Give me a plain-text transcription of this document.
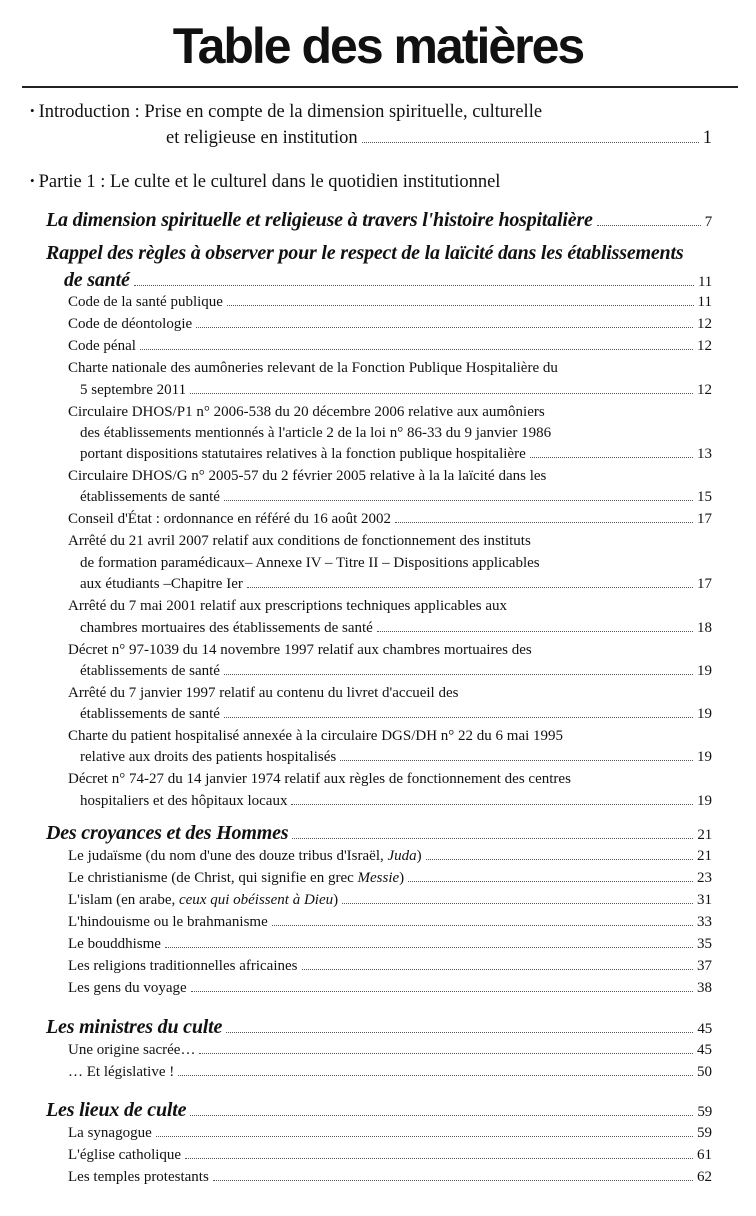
Table des matières
• Introduction : Prise en compte de la dimension spirituelle, culturelle
et religieuse en institution	1
• Partie 1 : Le culte et le culturel dans le quotidien institutionnel
La dimension spirituelle et religieuse à travers l'histoire hospitalière	7
Rappel des règles à observer pour le respect de la laïcité dans les établissements
de santé	11
Code de la santé publique	11
Code de déontologie	12
Code pénal	12
Charte nationale des aumôneries relevant de la Fonction Publique Hospitalière du
5 septembre 2011	12
Circulaire DHOS/P1 n° 2006-538 du 20 décembre 2006 relative aux aumôniers
des établissements mentionnés à l'article 2 de la loi n° 86-33 du 9 janvier 1986
portant dispositions statutaires relatives à la fonction publique hospitalière	13
Circulaire DHOS/G n° 2005-57 du 2 février 2005 relative à la la laïcité dans les
établissements de santé	15
Conseil d'État : ordonnance en référé du 16 août 2002	17
Arrêté du 21 avril 2007 relatif aux conditions de fonctionnement des instituts
de formation paramédicaux– Annexe IV – Titre II – Dispositions applicables
aux étudiants –Chapitre Ier	17
Arrêté du 7 mai 2001 relatif aux prescriptions techniques applicables aux
chambres mortuaires des établissements de santé	18
Décret n° 97-1039 du 14 novembre 1997 relatif aux chambres mortuaires des
établissements de santé	19
Arrêté du 7 janvier 1997 relatif au contenu du livret d'accueil des
établissements de santé	19
Charte du patient hospitalisé annexée à la circulaire DGS/DH n° 22 du 6 mai 1995
relative aux droits des patients hospitalisés	19
Décret n° 74-27 du 14 janvier 1974 relatif aux règles de fonctionnement des centres
hospitaliers et des hôpitaux locaux	19
Des croyances et des Hommes	21
Le judaïsme (du nom d'une des douze tribus d'Israël, Juda)	21
Le christianisme (de Christ, qui signifie en grec Messie)	23
L'islam (en arabe, ceux qui obéissent à Dieu)	31
L'hindouisme ou le brahmanisme	33
Le bouddhisme	35
Les religions traditionnelles africaines	37
Les gens du voyage	38
Les ministres du culte	45
Une origine sacrée…	45
… Et législative !	50
Les lieux de culte	59
La synagogue	59
L'église catholique	61
Les temples protestants	62
